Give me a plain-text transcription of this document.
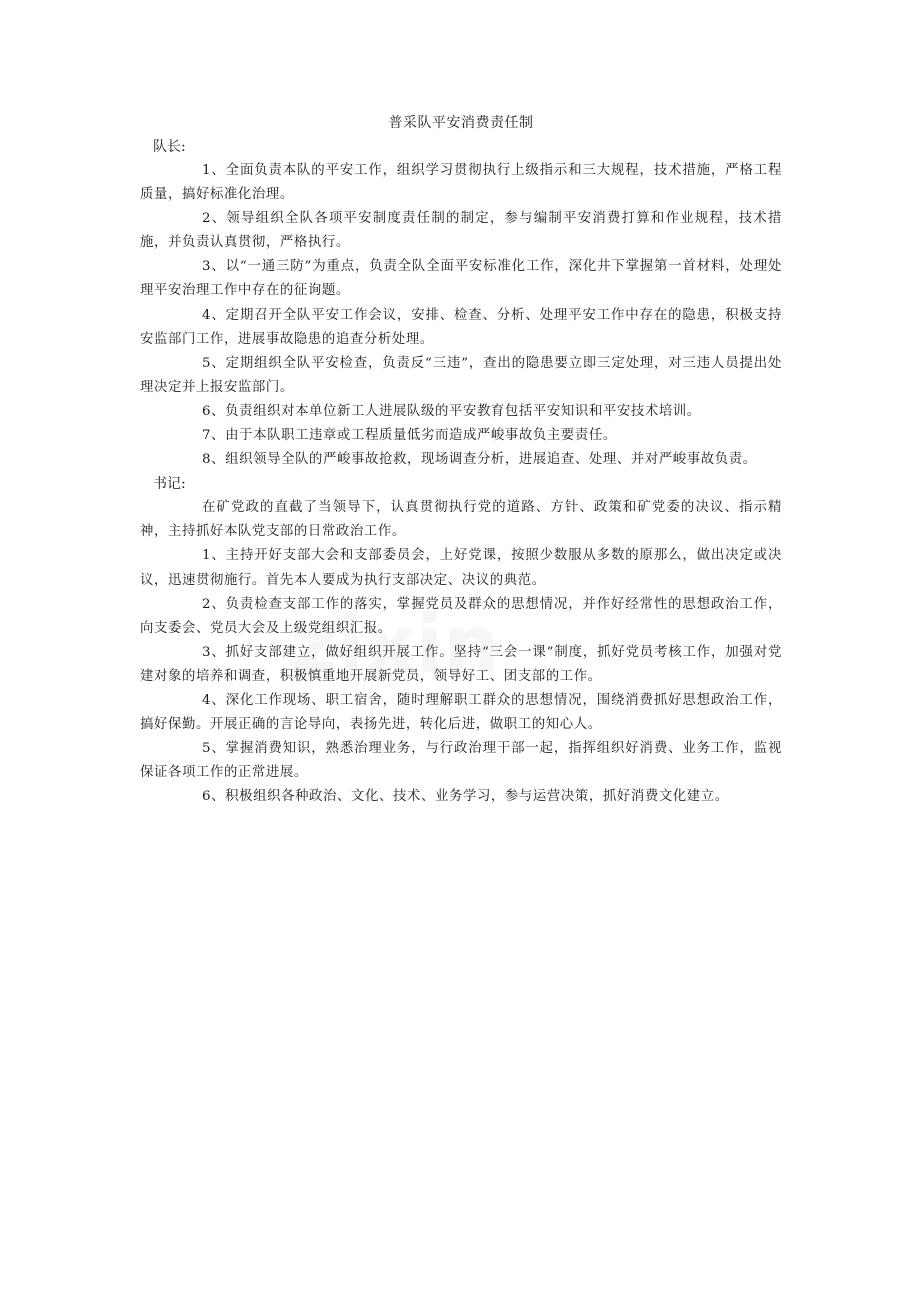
普采队平安消费责任制

队长:

1、全面负责本队的平安工作，组织学习贯彻执行上级指示和三大规程，技术措施，严格工程质量，搞好标准化治理。

2、领导组织全队各项平安制度责任制的制定，参与编制平安消费打算和作业规程，技术措施，并负责认真贯彻，严格执行。

3、以“一通三防”为重点，负责全队全面平安标准化工作，深化井下掌握第一首材料，处理处理平安治理工作中存在的征询题。

4、定期召开全队平安工作会议，安排、检查、分析、处理平安工作中存在的隐患，积极支持安监部门工作，进展事故隐患的追查分析处理。

5、定期组织全队平安检查，负责反“三违”，查出的隐患要立即三定处理，对三违人员提出处理决定并上报安监部门。

6、负责组织对本单位新工人进展队级的平安教育包括平安知识和平安技术培训。

7、由于本队职工违章或工程质量低劣而造成严峻事故负主要责任。

8、组织领导全队的严峻事故抢救，现场调查分析，进展追查、处理、并对严峻事故负责。

书记:

在矿党政的直截了当领导下，认真贯彻执行党的道路、方针、政策和矿党委的决议、指示精神，主持抓好本队党支部的日常政治工作。

1、主持开好支部大会和支部委员会，上好党课，按照少数服从多数的原那么，做出决定或决议，迅速贯彻施行。首先本人要成为执行支部决定、决议的典范。

2、负责检查支部工作的落实，掌握党员及群众的思想情况，并作好经常性的思想政治工作，向支委会、党员大会及上级党组织汇报。

3、抓好支部建立，做好组织开展工作。坚持“三会一课”制度，抓好党员考核工作，加强对党建对象的培养和调查，积极慎重地开展新党员，领导好工、团支部的工作。

4、深化工作现场、职工宿舍，随时理解职工群众的思想情况，围绕消费抓好思想政治工作，搞好保勤。开展正确的言论导向，表扬先进，转化后进，做职工的知心人。

5、掌握消费知识，熟悉治理业务，与行政治理干部一起，指挥组织好消费、业务工作，监视保证各项工作的正常进展。

6、积极组织各种政治、文化、技术、业务学习，参与运营决策，抓好消费文化建立。
